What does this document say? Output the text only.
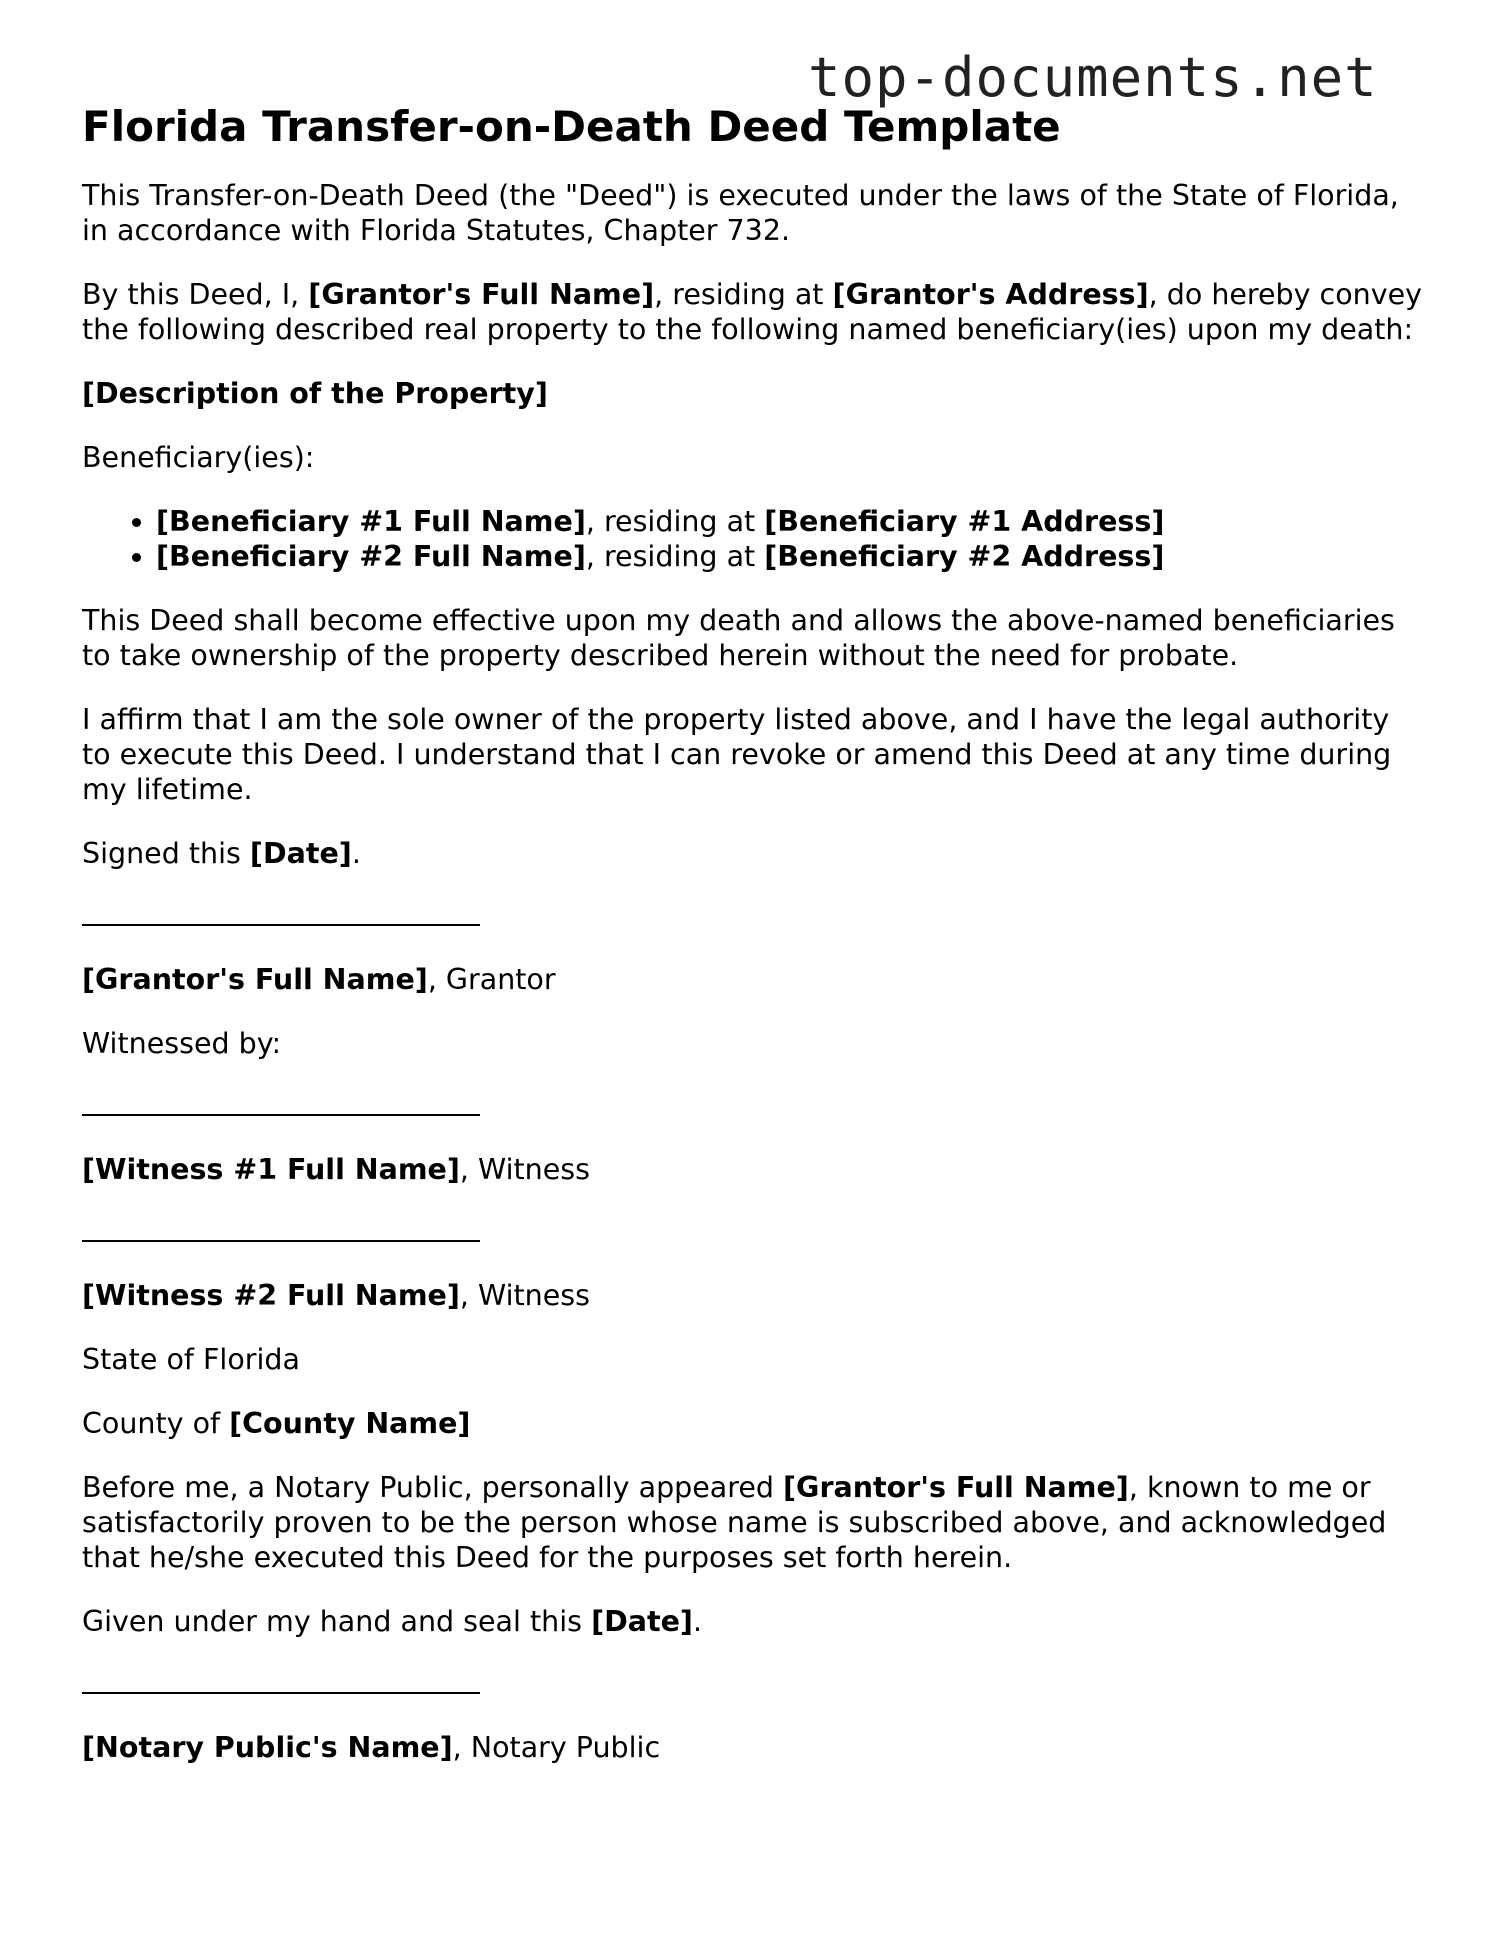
top-documents.net
Florida Transfer-on-Death Deed Template

This Transfer-on-Death Deed (the "Deed") is executed under the laws of the State of Florida, in accordance with Florida Statutes, Chapter 732.

By this Deed, I, [Grantor's Full Name], residing at [Grantor's Address], do hereby convey the following described real property to the following named beneficiary(ies) upon my death:

[Description of the Property]

Beneficiary(ies):

• [Beneficiary #1 Full Name], residing at [Beneficiary #1 Address]
• [Beneficiary #2 Full Name], residing at [Beneficiary #2 Address]

This Deed shall become effective upon my death and allows the above-named beneficiaries to take ownership of the property described herein without the need for probate.

I affirm that I am the sole owner of the property listed above, and I have the legal authority to execute this Deed. I understand that I can revoke or amend this Deed at any time during my lifetime.

Signed this [Date].

[Grantor's Full Name], Grantor

Witnessed by:

[Witness #1 Full Name], Witness

[Witness #2 Full Name], Witness

State of Florida

County of [County Name]

Before me, a Notary Public, personally appeared [Grantor's Full Name], known to me or satisfactorily proven to be the person whose name is subscribed above, and acknowledged that he/she executed this Deed for the purposes set forth herein.

Given under my hand and seal this [Date].

[Notary Public's Name], Notary Public
